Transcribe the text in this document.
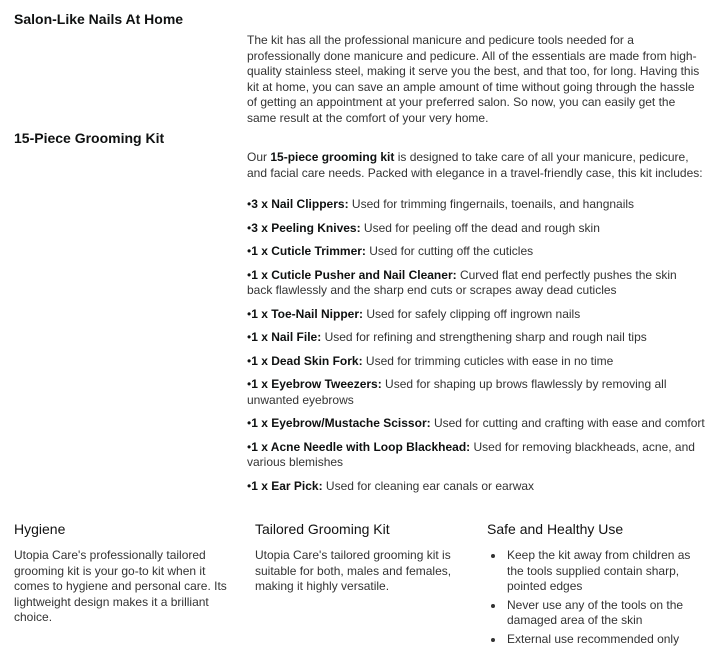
Salon-Like Nails At Home

The kit has all the professional manicure and pedicure tools needed for a professionally done manicure and pedicure. All of the essentials are made from high-quality stainless steel, making it serve you the best, and that too, for long. Having this kit at home, you can save an ample amount of time without going through the hassle of getting an appointment at your preferred salon. So now, you can easily get the same result at the comfort of your very home.

15-Piece Grooming Kit

Our 15-piece grooming kit is designed to take care of all your manicure, pedicure, and facial care needs. Packed with elegance in a travel-friendly case, this kit includes:

• 3 x Nail Clippers: Used for trimming fingernails, toenails, and hangnails

• 3 x Peeling Knives: Used for peeling off the dead and rough skin

• 1 x Cuticle Trimmer: Used for cutting off the cuticles

• 1 x Cuticle Pusher and Nail Cleaner: Curved flat end perfectly pushes the skin back flawlessly and the sharp end cuts or scrapes away dead cuticles

• 1 x Toe-Nail Nipper: Used for safely clipping off ingrown nails

• 1 x Nail File: Used for refining and strengthening sharp and rough nail tips

• 1 x Dead Skin Fork: Used for trimming cuticles with ease in no time

• 1 x Eyebrow Tweezers: Used for shaping up brows flawlessly by removing all unwanted eyebrows

• 1 x Eyebrow/Mustache Scissor: Used for cutting and crafting with ease and comfort

• 1 x Acne Needle with Loop Blackhead: Used for removing blackheads, acne, and various blemishes

• 1 x Ear Pick: Used for cleaning ear canals or earwax

Hygiene

Utopia Care's professionally tailored grooming kit is your go-to kit when it comes to hygiene and personal care. Its lightweight design makes it a brilliant choice.

Tailored Grooming Kit

Utopia Care's tailored grooming kit is suitable for both, males and females, making it highly versatile.

Safe and Healthy Use
• Keep the kit away from children as the tools supplied contain sharp, pointed edges
• Never use any of the tools on the damaged area of the skin
• External use recommended only
